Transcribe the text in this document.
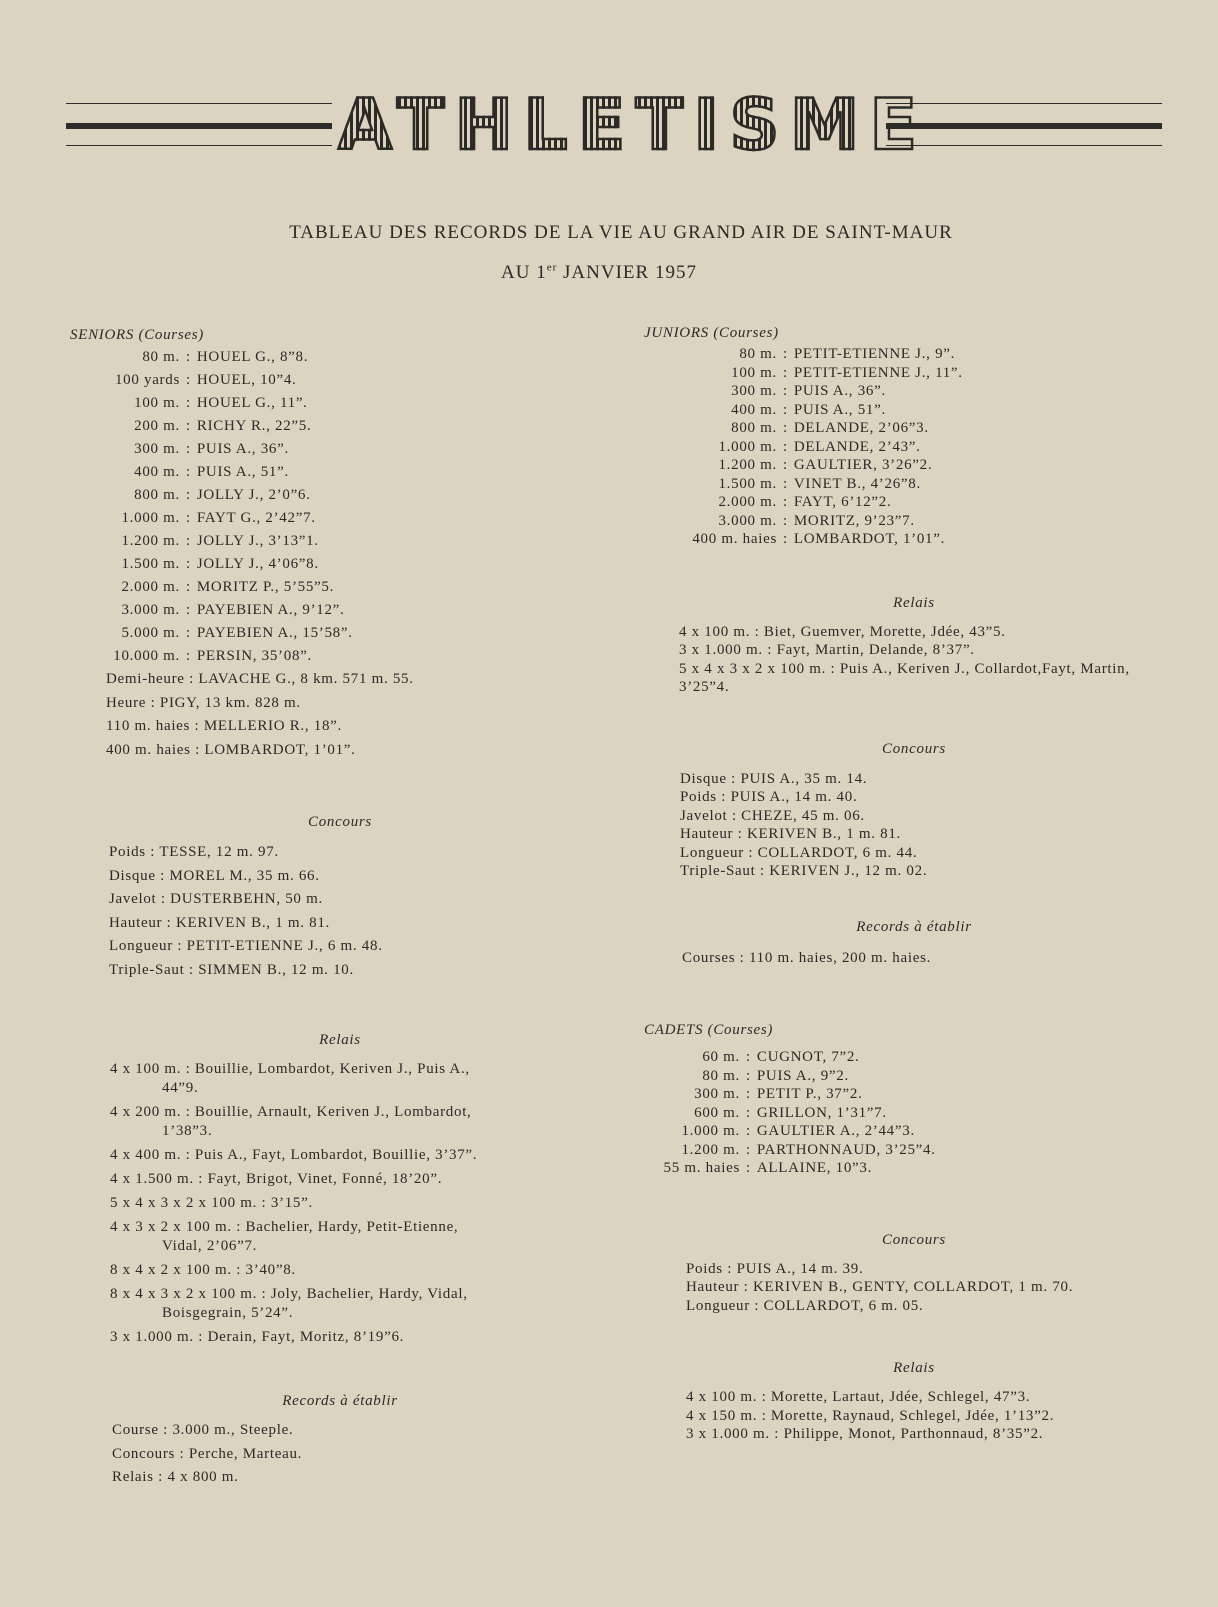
ATHLETISME
TABLEAU DES RECORDS DE LA VIE AU GRAND AIR DE SAINT-MAUR
AU 1er JANVIER 1957

SENIORS (Courses)

80 m. : HOUEL G., 8”8.
100 yards : HOUEL, 10”4.
100 m. : HOUEL G., 11”.
200 m. : RICHY R., 22”5.
300 m. : PUIS A., 36”.
400 m. : PUIS A., 51”.
800 m. : JOLLY J., 2’0”6.
1.000 m. : FAYT G., 2’42”7.
1.200 m. : JOLLY J., 3’13”1.
1.500 m. : JOLLY J., 4’06”8.
2.000 m. : MORITZ P., 5’55”5.
3.000 m. : PAYEBIEN A., 9’12”.
5.000 m. : PAYEBIEN A., 15’58”.
10.000 m. : PERSIN, 35’08”.
Demi-heure : LAVACHE G., 8 km. 571 m. 55.
Heure : PIGY, 13 km. 828 m.
110 m. haies : MELLERIO R., 18”.
400 m. haies : LOMBARDOT, 1’01”.

Concours

Poids : TESSE, 12 m. 97.
Disque : MOREL M., 35 m. 66.
Javelot : DUSTERBEHN, 50 m.
Hauteur : KERIVEN B., 1 m. 81.
Longueur : PETIT-ETIENNE J., 6 m. 48.
Triple-Saut : SIMMEN B., 12 m. 10.

Relais

4 x 100 m. : Bouillie, Lombardot, Keriven J., Puis A.,
44”9.
4 x 200 m. : Bouillie, Arnault, Keriven J., Lombardot,
1’38”3.
4 x 400 m. : Puis A., Fayt, Lombardot, Bouillie, 3’37”.
4 x 1.500 m. : Fayt, Brigot, Vinet, Fonné, 18’20”.
5 x 4 x 3 x 2 x 100 m. : 3’15”.
4 x 3 x 2 x 100 m. : Bachelier, Hardy, Petit-Etienne,
Vidal, 2’06”7.
8 x 4 x 2 x 100 m. : 3’40”8.
8 x 4 x 3 x 2 x 100 m. : Joly, Bachelier, Hardy, Vidal,
Boisgegrain, 5’24”.
3 x 1.000 m. : Derain, Fayt, Moritz, 8’19”6.

Records à établir

Course : 3.000 m., Steeple.
Concours : Perche, Marteau.
Relais : 4 x 800 m.

JUNIORS (Courses)

80 m. : PETIT-ETIENNE J., 9”.
100 m. : PETIT-ETIENNE J., 11”.
300 m. : PUIS A., 36”.
400 m. : PUIS A., 51”.
800 m. : DELANDE, 2’06”3.
1.000 m. : DELANDE, 2’43”.
1.200 m. : GAULTIER, 3’26”2.
1.500 m. : VINET B., 4’26”8.
2.000 m. : FAYT, 6’12”2.
3.000 m. : MORITZ, 9’23”7.
400 m. haies : LOMBARDOT, 1’01”.

Relais

4 x 100 m. : Biet, Guemver, Morette, Jdée, 43”5.
3 x 1.000 m. : Fayt, Martin, Delande, 8’37”.
5 x 4 x 3 x 2 x 100 m. : Puis A., Keriven J., Collardot,Fayt, Martin, 3’25”4.

Concours

Disque : PUIS A., 35 m. 14.
Poids : PUIS A., 14 m. 40.
Javelot : CHEZE, 45 m. 06.
Hauteur : KERIVEN B., 1 m. 81.
Longueur : COLLARDOT, 6 m. 44.
Triple-Saut : KERIVEN J., 12 m. 02.

Records à établir

Courses : 110 m. haies, 200 m. haies.

CADETS (Courses)

60 m. : CUGNOT, 7”2.
80 m. : PUIS A., 9”2.
300 m. : PETIT P., 37”2.
600 m. : GRILLON, 1’31”7.
1.000 m. : GAULTIER A., 2’44”3.
1.200 m. : PARTHONNAUD, 3’25”4.
55 m. haies : ALLAINE, 10”3.

Concours

Poids : PUIS A., 14 m. 39.
Hauteur : KERIVEN B., GENTY, COLLARDOT, 1 m. 70.
Longueur : COLLARDOT, 6 m. 05.

Relais

4 x 100 m. : Morette, Lartaut, Jdée, Schlegel, 47”3.
4 x 150 m. : Morette, Raynaud, Schlegel, Jdée, 1’13”2.
3 x 1.000 m. : Philippe, Monot, Parthonnaud, 8’35”2.
